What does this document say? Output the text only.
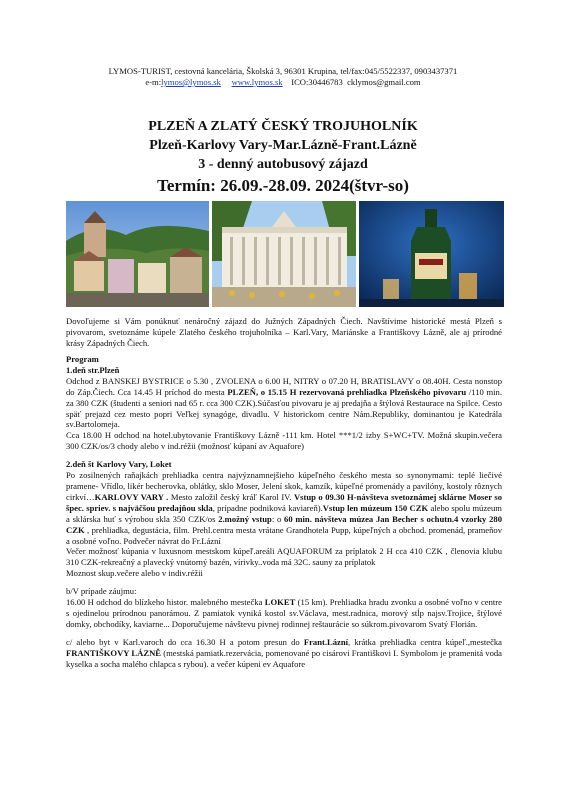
LYMOS-TURIST, cestovná kancelária, Školská 3, 96301 Krupina, tel/fax:045/5522337, 0903437371
e-m:lymos@lymos.sk www.lymos.sk ICO:30446783 cklymos@gmail.com
PLZEŇ A ZLATÝ ČESKÝ TROJUHOLNÍK
Plzeň-Karlovy Vary-Mar.Lázně-Frant.Lázně
3 - denný autobusový zájazd
Termín: 26.09.-28.09. 2024(štvr-so)

Dovoľujeme si Vám ponúknuť nenáročný zájazd do Južných Západných Čiech. Navštívime historické mestá Plzeň s pivovarom, svetoznáme kúpele Zlatého českého trojuholníka – Karl.Vary, Mariánske a Františkovy Lázně, ale aj prírodné krásy Západných Čiech.

Program

1.deň str.Plzeň

Odchod z BANSKEJ BYSTRICE o 5.30 , ZVOLENA o 6.00 H, NITRY o 07.20 H, BRATISLAVY o 08.40H. Cesta nonstop do Záp.Čiech. Cca 14.45 H príchod do mesta PLZEŇ, o 15.15 H rezervovaná prehliadka Plzeňského pivovaru /110 min. za 380 CZK (študenti a seniori nad 65 r. cca 300 CZK).Súčasťou pivovaru je aj predajňa a štýlová Restaurace na Spilce. Cesto späť prejazd cez mesto popri Veľkej synagóge, divadlu. V historickom centre Nám.Republiky, dominantou je Katedrála sv.Bartolomeja.

Cca 18.00 H odchod na hotel.ubytovanie Františkovy Lázně -111 km. Hotel ***1/2 izby S+WC+TV. Možná skupin.večera 300 CZK/os/3 chody alebo v ind.réžii (možnosť kúpaní av Aquafore)

2.deň št Karlovy Vary, Loket

Po zosilnených raňajkách prehliadka centra najvýznamnejšieho kúpeľného českého mesta so synonymami: teplé liečivé pramene- Vřídlo, likér becherovka, oblátky, sklo Moser, Jelení skok, kamzík, kúpeľné promenády a pavilóny, kostoly rôznych cirkví…KARLOVY VARY . Mesto založil český kráľ Karol IV. Vstup o 09.30 H-návšteva svetoznámej sklárne Moser so špec. spriev. s najväčšou predajňou skla, prípadne podniková kaviareň).Vstup len múzeum 150 CZK alebo spolu múzeum a sklárska huť s výrobou skla 350 CZK/os 2.možný vstup: o 60 min. návšteva múzea Jan Becher s ochutn.4 vzorky 280 CZK , prehliadka, degustácia, film. Prehl.centra mesta vrátane Grandhotela Pupp, kúpeľných a obchod. promenád, prameňov a osobné voľno. Podvečer návrat do Fr.Lázní

Večer možnosť kúpania v luxusnom mestskom kúpeľ.areáli AQUAFORUM za príplatok 2 H cca 410 CZK , členovia klubu 310 CZK-rekreačný a plavecký vnútorný bazén, vírivky..voda má 32C. sauny za príplatok

Moznost skup.večere alebo v indiv.réžii

b/V prípade záujmu:

16.00 H odchod do blízkeho histor. malebného mestečka LOKET (15 km). Prehliadka hradu zvonku a osobné voľno v centre s ojedinelou prírodnou panorámou. Z pamiatok vyniká kostol sv.Václava, mest.radnica, morový stĺp najsv.Trojice, štýlové domky, obchodíky, kaviarne... Doporučujeme návštevu pivnej rodinnej reštaurácie so súkrom.pivovarom Svatý Florián.

c/ alebo byt v Karl.varoch do cca 16.30 H a potom presun do Frant.Lázní, krátka prehliadka centra kúpeľ.,mestečka FRANTIŠKOVY LÁZNĚ (mestská pamiatk.rezervácia, pomenované po cisárovi Františkovi I. Symbolom je pramenitá voda kyselka a socha malého chlapca s rybou). a večer kúpeni ev Aquafore
